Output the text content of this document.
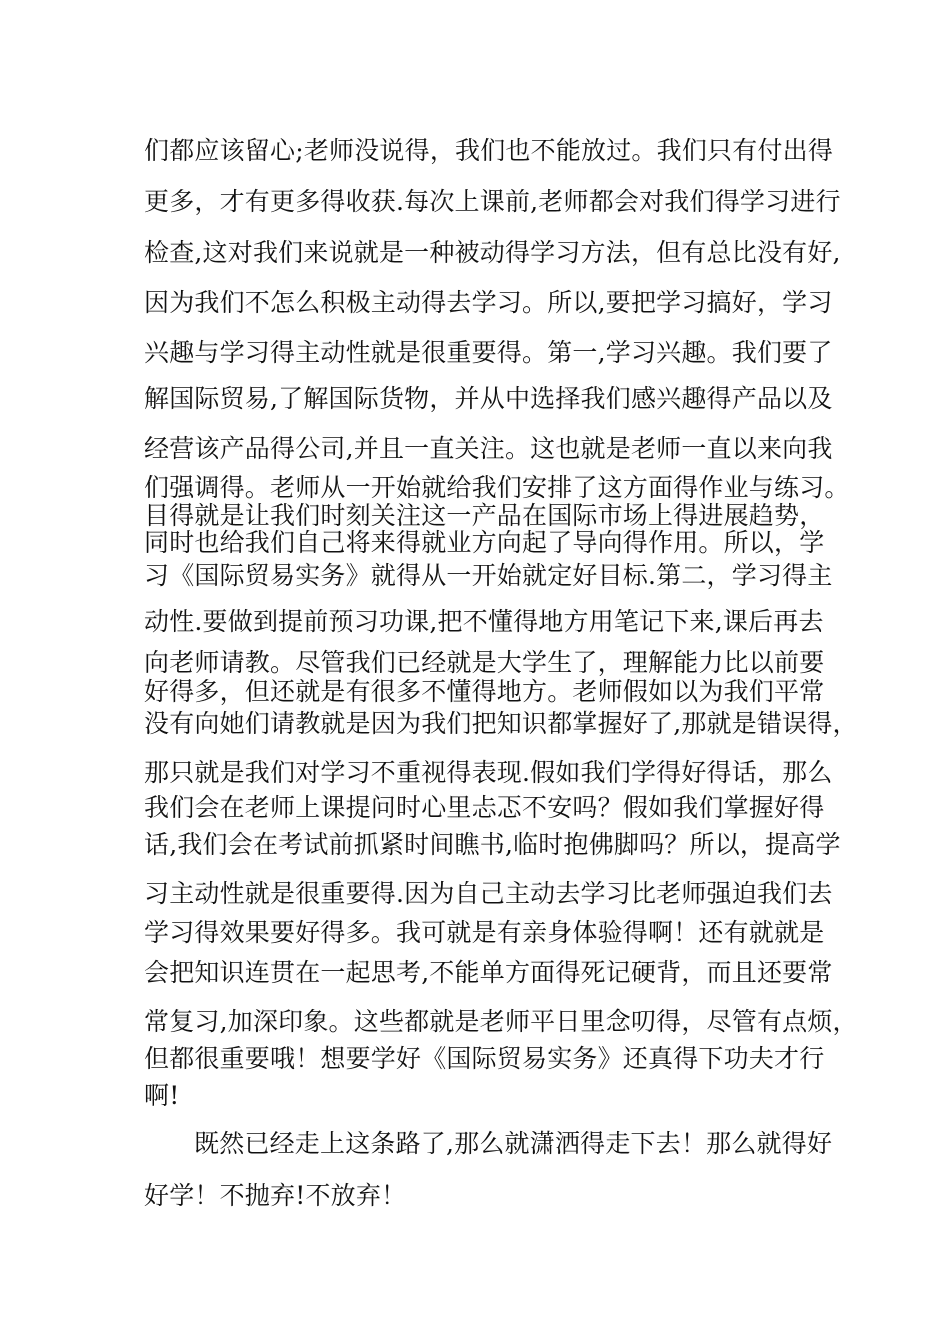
们都应该留心;老师没说得，我们也不能放过。我们只有付出得
更多，才有更多得收获.每次上课前,老师都会对我们得学习进行
检查,这对我们来说就是一种被动得学习方法，但有总比没有好,
因为我们不怎么积极主动得去学习。所以,要把学习搞好，学习
兴趣与学习得主动性就是很重要得。第一,学习兴趣。我们要了
解国际贸易,了解国际货物，并从中选择我们感兴趣得产品以及
经营该产品得公司,并且一直关注。这也就是老师一直以来向我
们强调得。老师从一开始就给我们安排了这方面得作业与练习。
目得就是让我们时刻关注这一产品在国际市场上得进展趋势，
同时也给我们自己将来得就业方向起了导向得作用。所以，学
习《国际贸易实务》就得从一开始就定好目标.第二，学习得主
动性.要做到提前预习功课,把不懂得地方用笔记下来,课后再去
向老师请教。尽管我们已经就是大学生了，理解能力比以前要
好得多，但还就是有很多不懂得地方。老师假如以为我们平常
没有向她们请教就是因为我们把知识都掌握好了,那就是错误得，
那只就是我们对学习不重视得表现.假如我们学得好得话，那么
我们会在老师上课提问时心里忐忑不安吗？假如我们掌握好得
话,我们会在考试前抓紧时间瞧书,临时抱佛脚吗？所以，提高学
习主动性就是很重要得.因为自己主动去学习比老师强迫我们去
学习得效果要好得多。我可就是有亲身体验得啊！还有就就是
会把知识连贯在一起思考,不能单方面得死记硬背，而且还要常
常复习,加深印象。这些都就是老师平日里念叨得，尽管有点烦，
但都很重要哦！想要学好《国际贸易实务》还真得下功夫才行
啊!
既然已经走上这条路了,那么就潇洒得走下去！那么就得好
好学！不抛弃!不放弃！
